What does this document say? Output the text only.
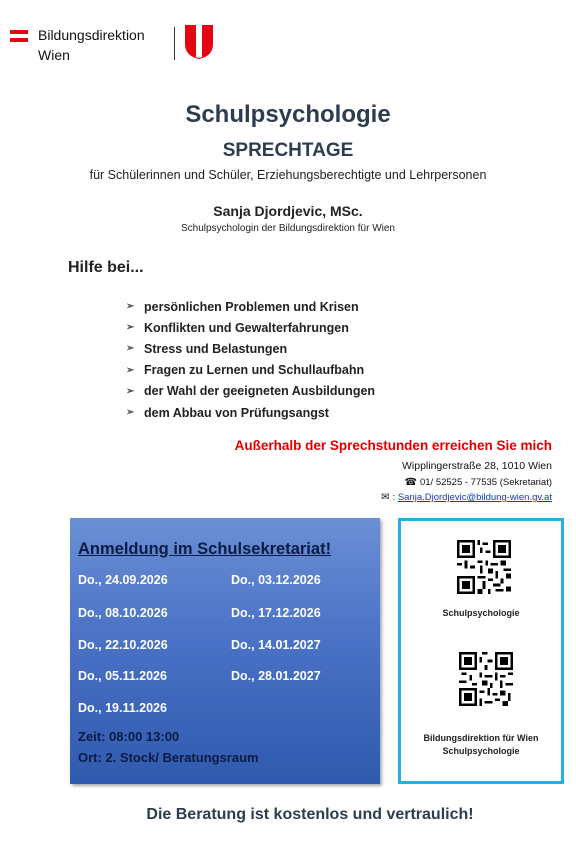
Bildungsdirektion
Wien
Schulpsychologie
SPRECHTAGE
für Schülerinnen und Schüler, Erziehungsberechtigte und Lehrpersonen
Sanja Djordjevic, MSc.
Schulpsychologin der Bildungsdirektion für Wien
Hilfe bei...
➢ persönlichen Problemen und Krisen
➢ Konflikten und Gewalterfahrungen
➢ Stress und Belastungen
➢ Fragen zu Lernen und Schullaufbahn
➢ der Wahl der geeigneten Ausbildungen
➢ dem Abbau von Prüfungsangst
Außerhalb der Sprechstunden erreichen Sie mich
Wipplingerstraße 28, 1010 Wien
☎ 01/ 52525 - 77535 (Sekretariat)
✉ : Sanja.Djordjevic@bildung-wien.gv.at
Anmeldung im Schulsekretariat!
Do., 24.09.2026
Do., 08.10.2026
Do., 22.10.2026
Do., 05.11.2026
Do., 19.11.2026
Do., 03.12.2026
Do., 17.12.2026
Do., 14.01.2027
Do., 28.01.2027
Zeit: 08:00 13:00
Ort: 2. Stock/ Beratungsraum
Schulpsychologie
Bildungsdirektion für Wien
Schulpsychologie
Die Beratung ist kostenlos und vertraulich!
